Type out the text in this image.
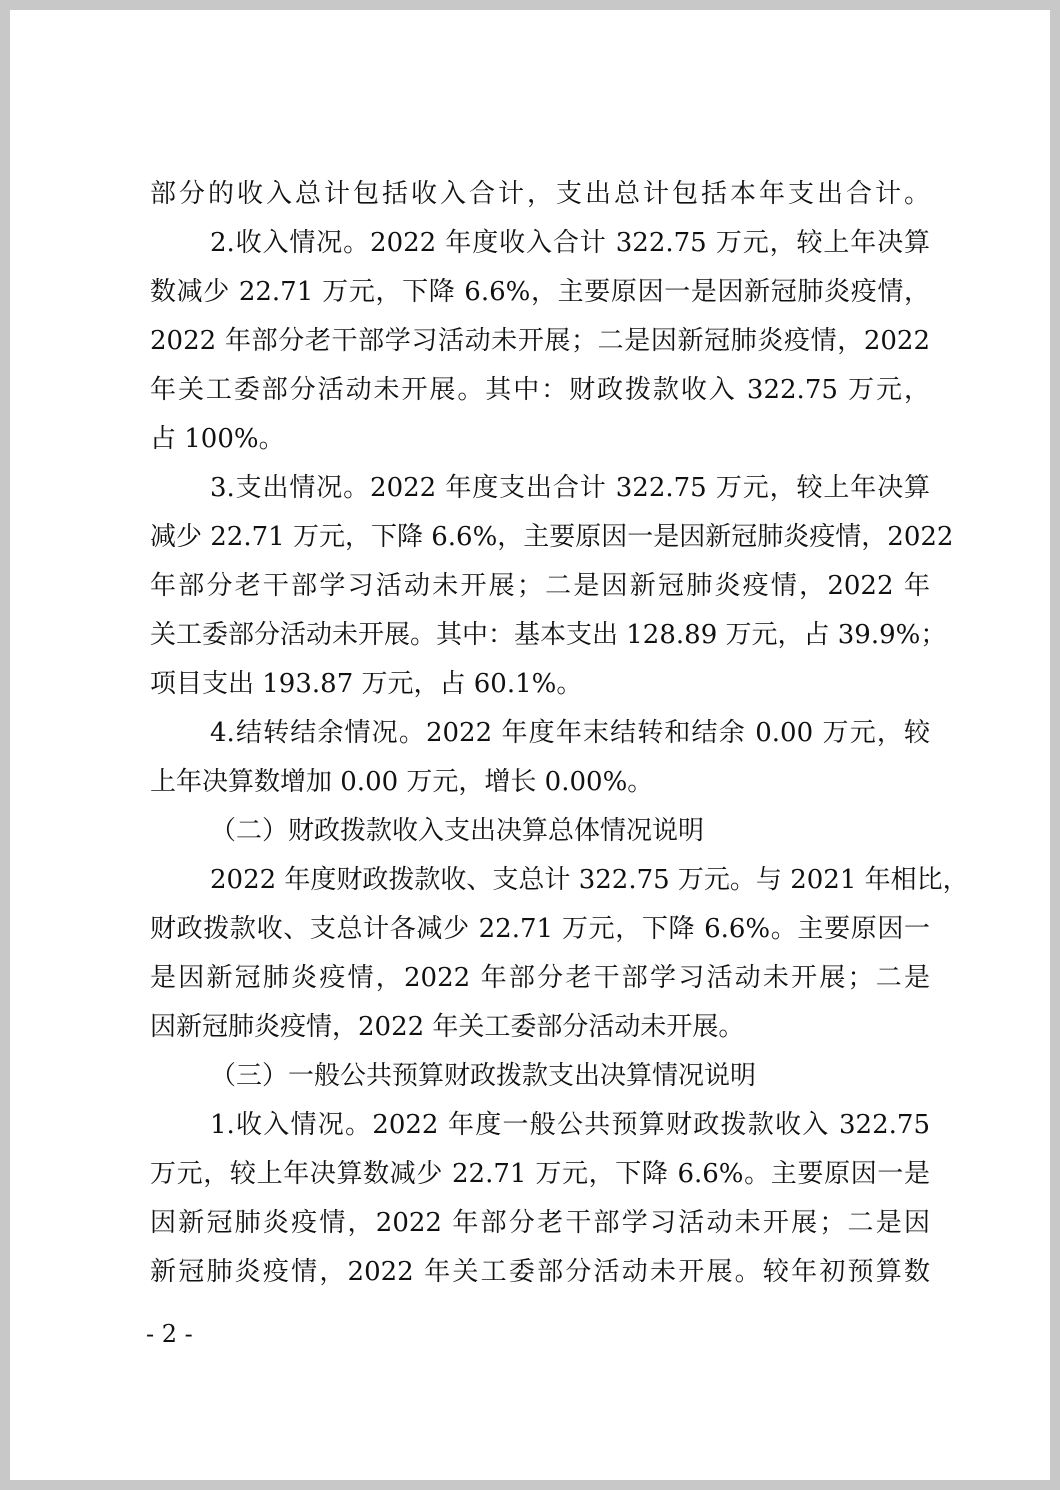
部分的收入总计包括收入合计，支出总计包括本年支出合计。
2.收入情况。2022 年度收入合计 322.75 万元，较上年决算
数减少 22.71 万元，下降 6.6%，主要原因一是因新冠肺炎疫情，
2022 年部分老干部学习活动未开展；二是因新冠肺炎疫情，2022
年关工委部分活动未开展。其中：财政拨款收入 322.75 万元，
占 100%。
3.支出情况。2022 年度支出合计 322.75 万元，较上年决算
减少 22.71 万元，下降 6.6%，主要原因一是因新冠肺炎疫情，2022
年部分老干部学习活动未开展；二是因新冠肺炎疫情，2022 年
关工委部分活动未开展。其中：基本支出 128.89 万元，占 39.9%；
项目支出 193.87 万元，占 60.1%。
4.结转结余情况。2022 年度年末结转和结余 0.00 万元，较
上年决算数增加 0.00 万元，增长 0.00%。
（二）财政拨款收入支出决算总体情况说明
2022 年度财政拨款收、支总计 322.75 万元。与 2021 年相比，
财政拨款收、支总计各减少 22.71 万元，下降 6.6%。主要原因一
是因新冠肺炎疫情，2022 年部分老干部学习活动未开展；二是
因新冠肺炎疫情，2022 年关工委部分活动未开展。
（三）一般公共预算财政拨款支出决算情况说明
1.收入情况。2022 年度一般公共预算财政拨款收入 322.75
万元，较上年决算数减少 22.71 万元，下降 6.6%。主要原因一是
因新冠肺炎疫情，2022 年部分老干部学习活动未开展；二是因
新冠肺炎疫情，2022 年关工委部分活动未开展。较年初预算数
- 2 -
